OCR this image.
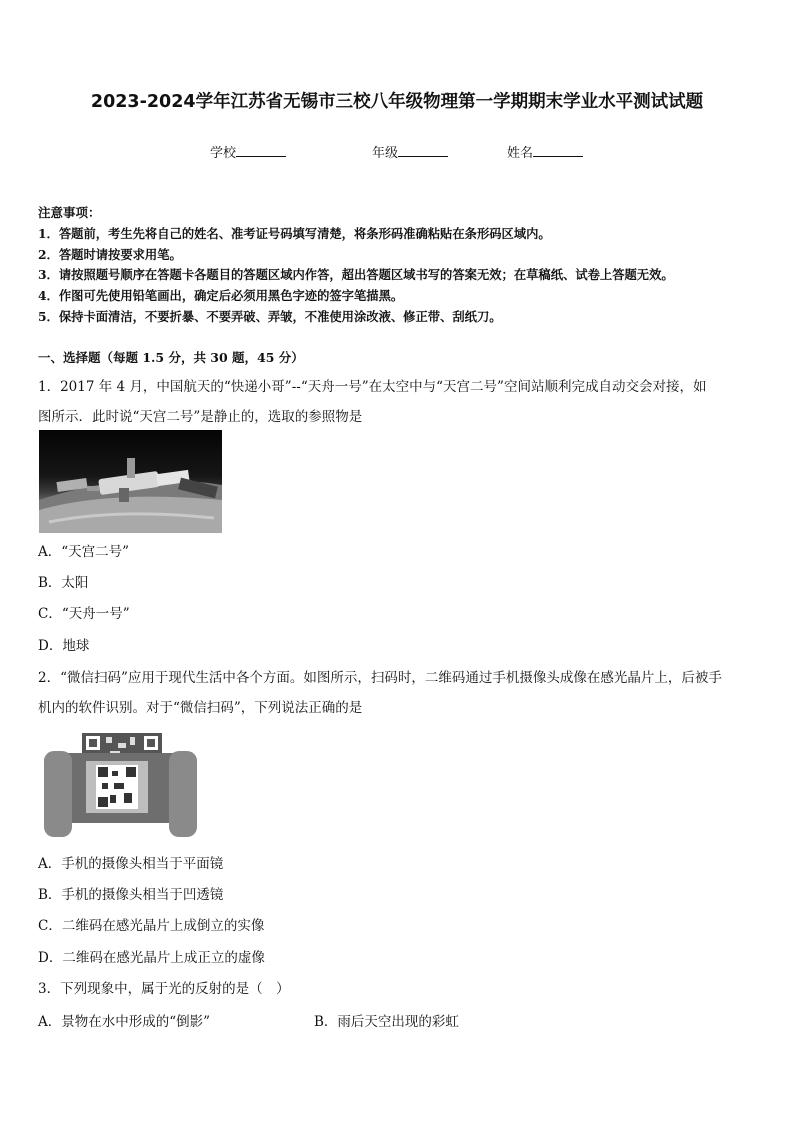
2023-2024学年江苏省无锡市三校八年级物理第一学期期末学业水平测试试题
学校	年级	姓名
注意事项：
1．答题前，考生先将自己的姓名、准考证号码填写清楚，将条形码准确粘贴在条形码区域内。
2．答题时请按要求用笔。
3．请按照题号顺序在答题卡各题目的答题区域内作答，超出答题区域书写的答案无效；在草稿纸、试卷上答题无效。
4．作图可先使用铅笔画出，确定后必须用黑色字迹的签字笔描黑。
5．保持卡面清洁，不要折暴、不要弄破、弄皱，不准使用涂改液、修正带、刮纸刀。
一、选择题（每题 1.5 分，共 30 题，45 分）
1．2017 年 4 月，中国航天的“快递小哥”--“天舟一号”在太空中与“天宫二号”空间站顺利完成自动交会对接，如
图所示．此时说“天宫二号”是静止的，选取的参照物是
A．“天宫二号”
B．太阳
C．“天舟一号”
D．地球
2．“微信扫码”应用于现代生活中各个方面。如图所示，扫码时，二维码通过手机摄像头成像在感光晶片上，后被手
机内的软件识别。对于“微信扫码”，下列说法正确的是
A．手机的摄像头相当于平面镜
B．手机的摄像头相当于凹透镜
C．二维码在感光晶片上成倒立的实像
D．二维码在感光晶片上成正立的虚像
3．下列现象中，属于光的反射的是（　）
A．景物在水中形成的“倒影”	B．雨后天空出现的彩虹
